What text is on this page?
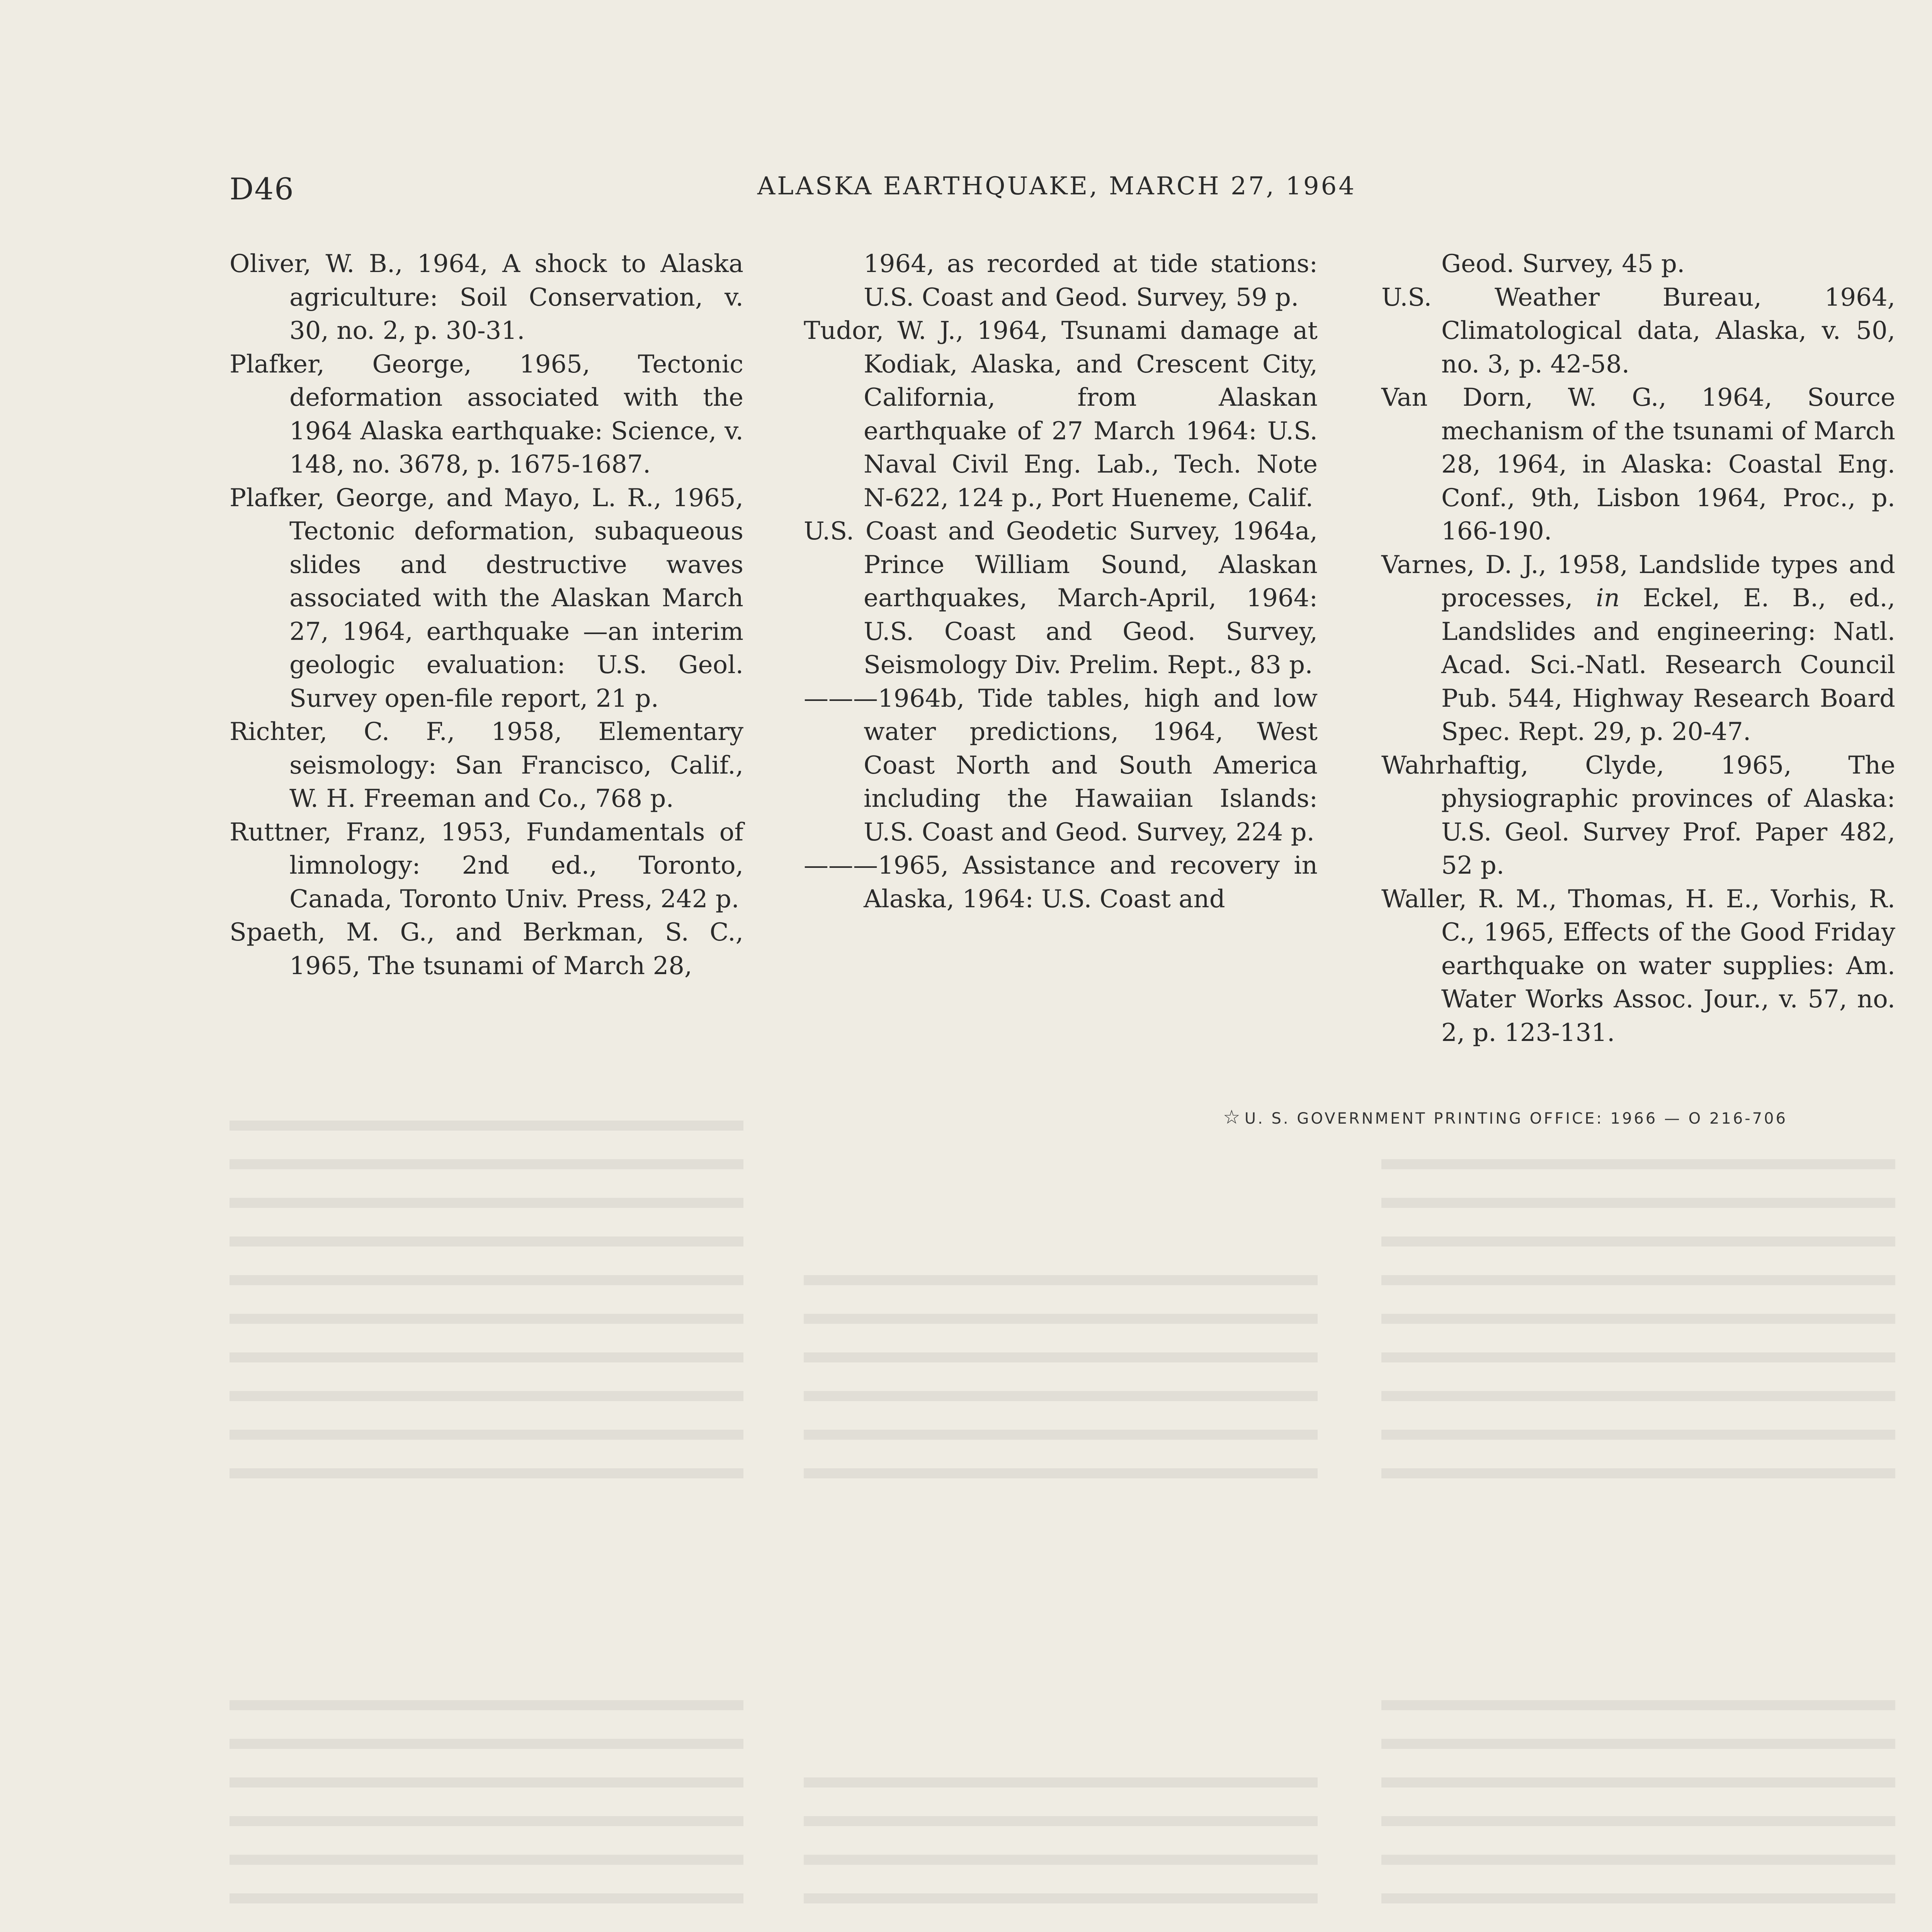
D46	ALASKA EARTHQUAKE, MARCH 27, 1964

Oliver, W. B., 1964, A shock to Alaska agriculture: Soil Conservation, v. 30, no. 2, p. 30-31.

Plafker, George, 1965, Tectonic deformation associated with the 1964 Alaska earthquake: Science, v. 148, no. 3678, p. 1675-1687.

Plafker, George, and Mayo, L. R., 1965, Tectonic deformation, subaqueous slides and destructive waves associated with the Alaskan March 27, 1964, earthquake —an interim geologic evaluation: U.S. Geol. Survey open-file report, 21 p.

Richter, C. F., 1958, Elementary seismology: San Francisco, Calif., W. H. Freeman and Co., 768 p.

Ruttner, Franz, 1953, Fundamentals of limnology: 2nd ed., Toronto, Canada, Toronto Univ. Press, 242 p.

Spaeth, M. G., and Berkman, S. C., 1965, The tsunami of March 28,

1964, as recorded at tide stations: U.S. Coast and Geod. Survey, 59 p.

Tudor, W. J., 1964, Tsunami damage at Kodiak, Alaska, and Crescent City, California, from Alaskan earthquake of 27 March 1964: U.S. Naval Civil Eng. Lab., Tech. Note N-622, 124 p., Port Hueneme, Calif.

U.S. Coast and Geodetic Survey, 1964a, Prince William Sound, Alaskan earthquakes, March-April, 1964: U.S. Coast and Geod. Survey, Seismology Div. Prelim. Rept., 83 p.

———1964b, Tide tables, high and low water predictions, 1964, West Coast North and South America including the Hawaiian Islands: U.S. Coast and Geod. Survey, 224 p.

———1965, Assistance and recovery in Alaska, 1964: U.S. Coast and

Geod. Survey, 45 p.

U.S. Weather Bureau, 1964, Climatological data, Alaska, v. 50, no. 3, p. 42-58.

Van Dorn, W. G., 1964, Source mechanism of the tsunami of March 28, 1964, in Alaska: Coastal Eng. Conf., 9th, Lisbon 1964, Proc., p. 166-190.

Varnes, D. J., 1958, Landslide types and processes, in Eckel, E. B., ed., Landslides and engineering: Natl. Acad. Sci.-Natl. Research Council Pub. 544, Highway Research Board Spec. Rept. 29, p. 20-47.

Wahrhaftig, Clyde, 1965, The physiographic provinces of Alaska: U.S. Geol. Survey Prof. Paper 482, 52 p.

Waller, R. M., Thomas, H. E., Vorhis, R. C., 1965, Effects of the Good Friday earthquake on water supplies: Am. Water Works Assoc. Jour., v. 57, no. 2, p. 123-131.

☆ U. S. GOVERNMENT PRINTING OFFICE: 1966 — O 216-706
